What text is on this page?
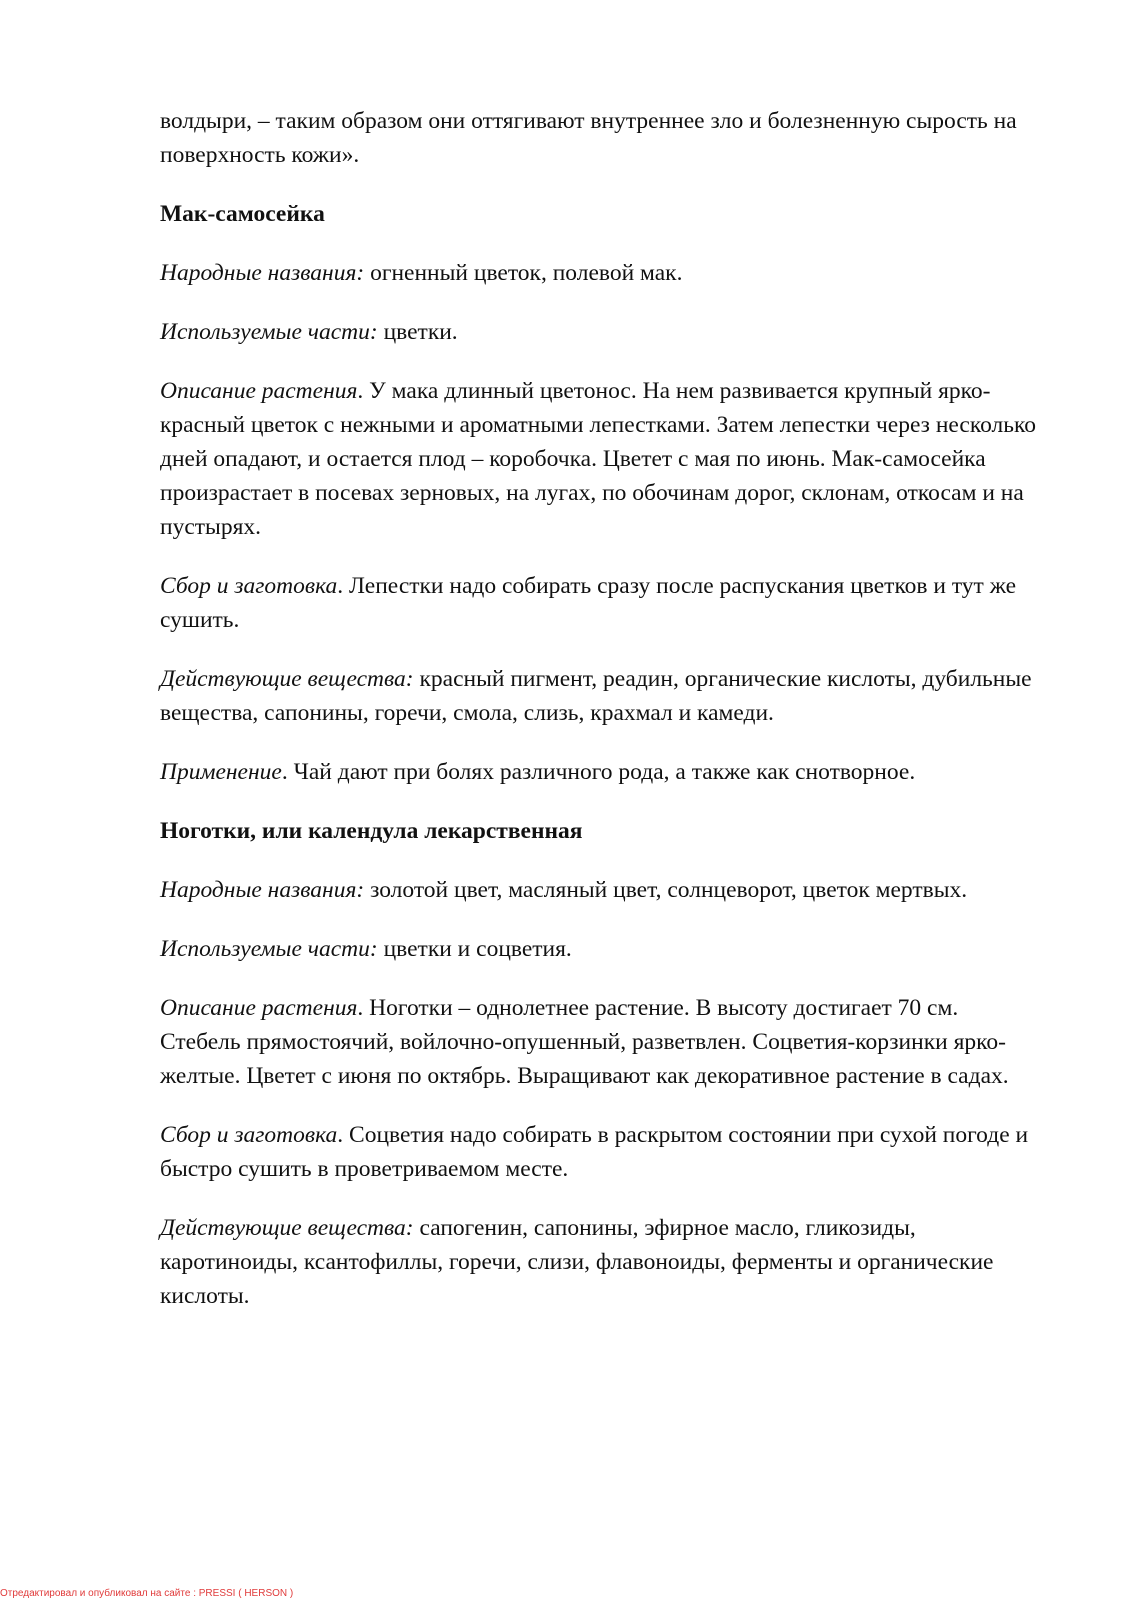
волдыри, – таким образом они оттягивают внутреннее зло и болезненную сырость на поверхность кожи».

Мак-самосейка

Народные названия: огненный цветок, полевой мак.

Используемые части: цветки.

Описание растения. У мака длинный цветонос. На нем развивается крупный ярко-красный цветок с нежными и ароматными лепестками. Затем лепестки через несколько дней опадают, и остается плод – коробочка. Цветет с мая по июнь. Мак-самосейка произрастает в посевах зерновых, на лугах, по обочинам дорог, склонам, откосам и на пустырях.

Сбор и заготовка. Лепестки надо собирать сразу после распускания цветков и тут же сушить.

Действующие вещества: красный пигмент, реадин, органические кислоты, дубильные вещества, сапонины, горечи, смола, слизь, крахмал и камеди.

Применение. Чай дают при болях различного рода, а также как снотворное.

Ноготки, или календула лекарственная

Народные названия: золотой цвет, масляный цвет, солнцеворот, цветок мертвых.

Используемые части: цветки и соцветия.

Описание растения. Ноготки – однолетнее растение. В высоту достигает 70 см. Стебель прямостоячий, войлочно-опушенный, разветвлен. Соцветия-корзинки ярко-желтые. Цветет с июня по октябрь. Выращивают как декоративное растение в садах.

Сбор и заготовка. Соцветия надо собирать в раскрытом состоянии при сухой погоде и быстро сушить в проветриваемом месте.

Действующие вещества: сапогенин, сапонины, эфирное масло, гликозиды, каротиноиды, ксантофиллы, горечи, слизи, флавоноиды, ферменты и органические кислоты.

Отредактировал и опубликовал на сайте : PRESSI ( HERSON )
